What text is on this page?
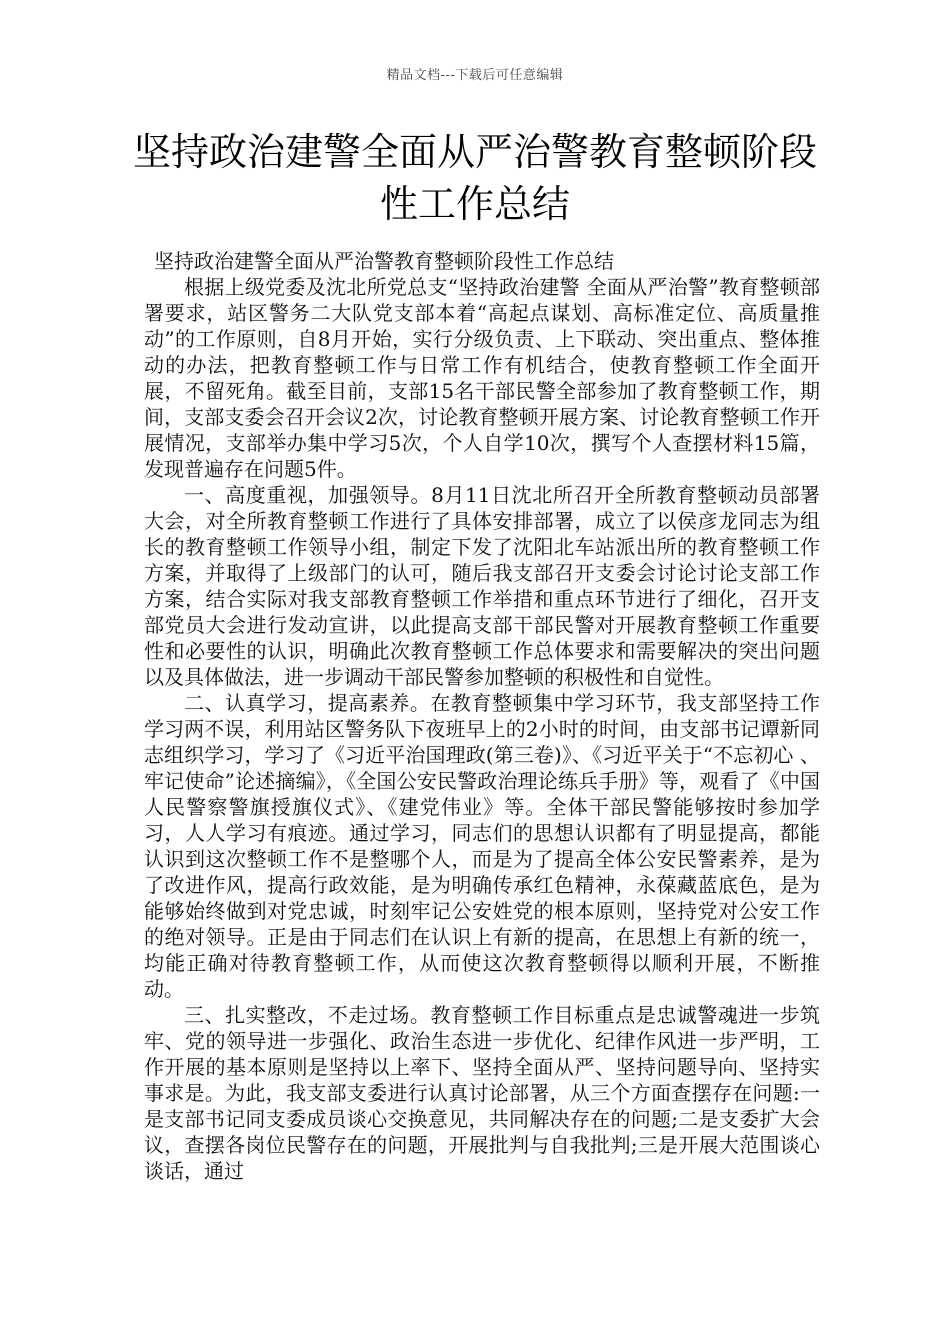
精品文档---下载后可任意编辑
坚持政治建警全面从严治警教育整顿阶段
性工作总结

坚持政治建警全面从严治警教育整顿阶段性工作总结

根据上级党委及沈北所党总支“坚持政治建警 全面从严治警”教育整顿部署要求，站区警务二大队党支部本着“高起点谋划、高标准定位、高质量推动”的工作原则，自8月开始，实行分级负责、上下联动、突出重点、整体推动的办法，把教育整顿工作与日常工作有机结合，使教育整顿工作全面开展，不留死角。截至目前，支部15名干部民警全部参加了教育整顿工作，期间，支部支委会召开会议2次，讨论教育整顿开展方案、讨论教育整顿工作开展情况，支部举办集中学习5次，个人自学10次，撰写个人查摆材料15篇，发现普遍存在问题5件。

一、高度重视，加强领导。8月11日沈北所召开全所教育整顿动员部署大会，对全所教育整顿工作进行了具体安排部署，成立了以侯彦龙同志为组长的教育整顿工作领导小组，制定下发了沈阳北车站派出所的教育整顿工作方案，并取得了上级部门的认可，随后我支部召开支委会讨论讨论支部工作方案，结合实际对我支部教育整顿工作举措和重点环节进行了细化，召开支部党员大会进行发动宣讲，以此提高支部干部民警对开展教育整顿工作重要性和必要性的认识，明确此次教育整顿工作总体要求和需要解决的突出问题以及具体做法，进一步调动干部民警参加整顿的积极性和自觉性。

二、认真学习，提高素养。在教育整顿集中学习环节，我支部坚持工作学习两不误，利用站区警务队下夜班早上的2小时的时间，由支部书记谭新同志组织学习，学习了《习近平治国理政(第三卷)》、《习近平关于“不忘初心 、牢记使命”论述摘编》，《全国公安民警政治理论练兵手册》等，观看了《中国人民警察警旗授旗仪式》、《建党伟业》等。全体干部民警能够按时参加学习，人人学习有痕迹。通过学习，同志们的思想认识都有了明显提高，都能认识到这次整顿工作不是整哪个人，而是为了提高全体公安民警素养，是为了改进作风，提高行政效能，是为明确传承红色精神，永葆藏蓝底色，是为能够始终做到对党忠诚，时刻牢记公安姓党的根本原则，坚持党对公安工作的绝对领导。正是由于同志们在认识上有新的提高，在思想上有新的统一，均能正确对待教育整顿工作，从而使这次教育整顿得以顺利开展，不断推动。

三、扎实整改，不走过场。教育整顿工作目标重点是忠诚警魂进一步筑牢、党的领导进一步强化、政治生态进一步优化、纪律作风进一步严明，工作开展的基本原则是坚持以上率下、坚持全面从严、坚持问题导向、坚持实事求是。为此，我支部支委进行认真讨论部署，从三个方面查摆存在问题:一是支部书记同支委成员谈心交换意见，共同解决存在的问题;二是支委扩大会议，查摆各岗位民警存在的问题，开展批判与自我批判;三是开展大范围谈心谈话，通过
